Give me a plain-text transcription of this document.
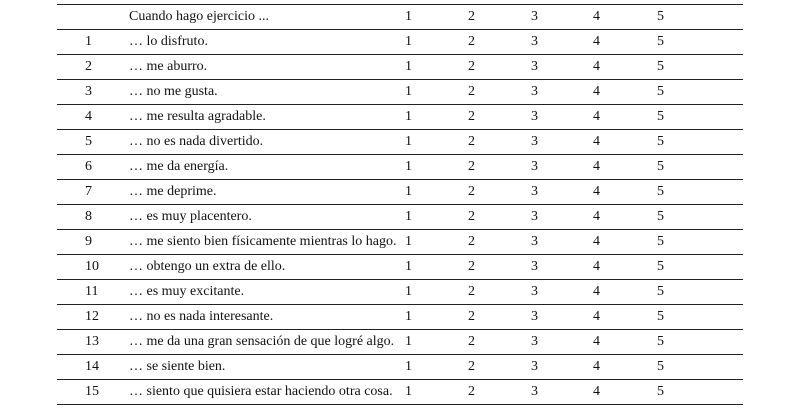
	Cuando hago ejercicio ...	1	2	3	4	5
1	… lo disfruto.	1	2	3	4	5
2	… me aburro.	1	2	3	4	5
3	… no me gusta.	1	2	3	4	5
4	… me resulta agradable.	1	2	3	4	5
5	… no es nada divertido.	1	2	3	4	5
6	… me da energía.	1	2	3	4	5
7	… me deprime.	1	2	3	4	5
8	… es muy placentero.	1	2	3	4	5
9	… me siento bien físicamente mientras lo hago.	1	2	3	4	5
10	… obtengo un extra de ello.	1	2	3	4	5
11	… es muy excitante.	1	2	3	4	5
12	… no es nada interesante.	1	2	3	4	5
13	… me da una gran sensación de que logré algo.	1	2	3	4	5
14	… se siente bien.	1	2	3	4	5
15	… siento que quisiera estar haciendo otra cosa.	1	2	3	4	5
